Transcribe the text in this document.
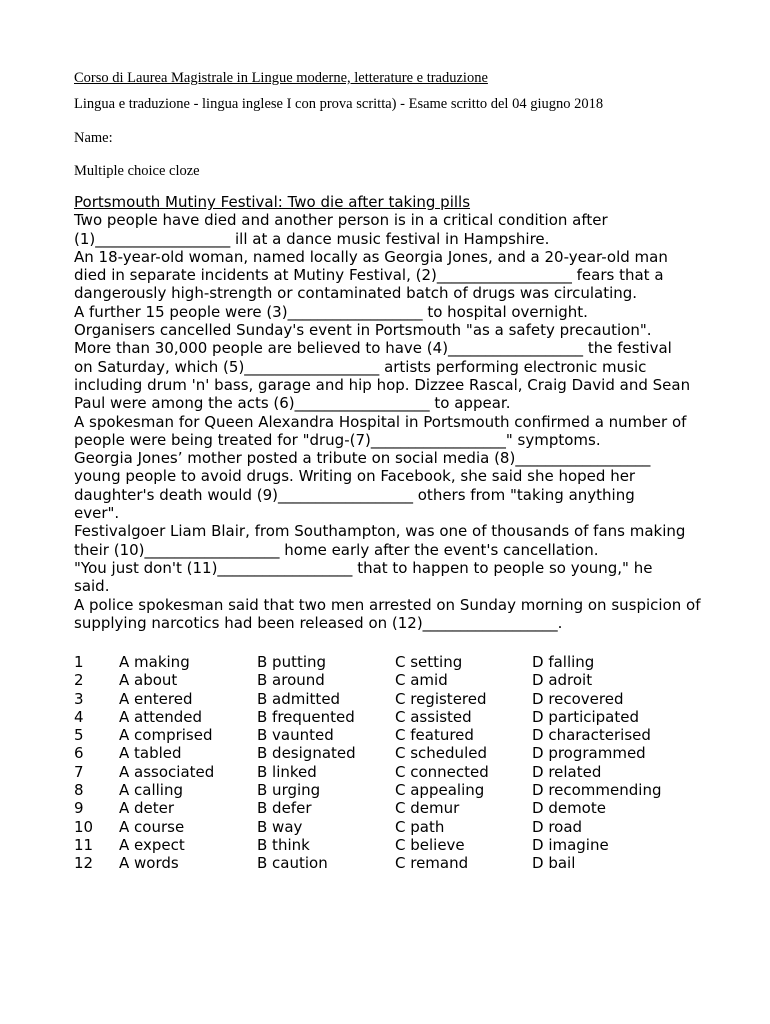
Corso di Laurea Magistrale in Lingue moderne, letterature e traduzione
Lingua e traduzione - lingua inglese I con prova scritta) - Esame scritto del 04 giugno 2018
Name:
Multiple choice cloze
Portsmouth Mutiny Festival: Two die after taking pills
Two people have died and another person is in a critical condition after
(1)__________________ ill at a dance music festival in Hampshire.
An 18-year-old woman, named locally as Georgia Jones, and a 20-year-old man
died in separate incidents at Mutiny Festival, (2)__________________ fears that a
dangerously high-strength or contaminated batch of drugs was circulating.
A further 15 people were (3)__________________ to hospital overnight.
Organisers cancelled Sunday's event in Portsmouth "as a safety precaution".
More than 30,000 people are believed to have (4)__________________ the festival
on Saturday, which (5)__________________ artists performing electronic music
including drum 'n' bass, garage and hip hop. Dizzee Rascal, Craig David and Sean
Paul were among the acts (6)__________________ to appear.
A spokesman for Queen Alexandra Hospital in Portsmouth confirmed a number of
people were being treated for "drug-(7)__________________" symptoms.
Georgia Jones’ mother posted a tribute on social media (8)__________________
young people to avoid drugs. Writing on Facebook, she said she hoped her
daughter's death would (9)__________________ others from "taking anything
ever".
Festivalgoer Liam Blair, from Southampton, was one of thousands of fans making
their (10)__________________ home early after the event's cancellation.
"You just don't (11)__________________ that to happen to people so young," he
said.
A police spokesman said that two men arrested on Sunday morning on suspicion of
supplying narcotics had been released on (12)__________________.
1 A making	B putting	C setting	D falling
2 A about	B around	C amid	D adroit
3 A entered	B admitted	C registered	D recovered
4 A attended	B frequented	C assisted	D participated
5 A comprised	B vaunted	C featured	D characterised
6 A tabled	B designated	C scheduled	D programmed
7 A associated	B linked	C connected	D related
8 A calling	B urging	C appealing	D recommending
9 A deter	B defer	C demur	D demote
10 A course	B way	C path	D road
11 A expect	B think	C believe	D imagine
12 A words	B caution	C remand	D bail
